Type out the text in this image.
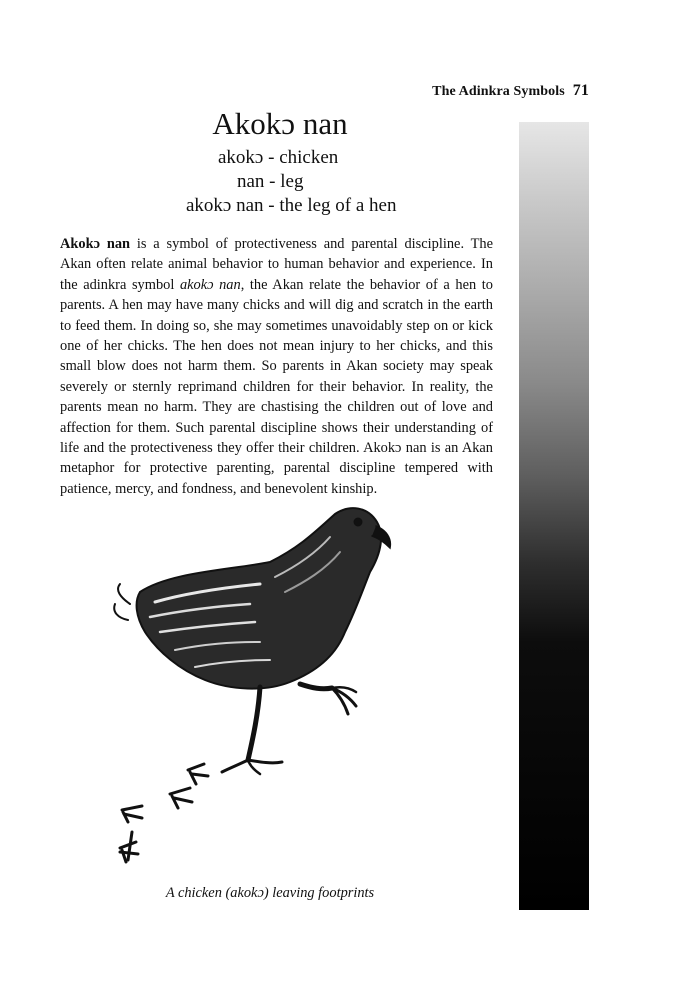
The Adinkra Symbols 71
Akokɔ nan
akokɔ - chicken
nan - leg
akokɔ nan - the leg of a hen

Akokɔ nan is a symbol of protectiveness and parental discipline. The Akan often relate animal behavior to human behavior and experience. In the adinkra symbol akokɔ nan, the Akan relate the behavior of a hen to parents. A hen may have many chicks and will dig and scratch in the earth to feed them. In doing so, she may sometimes unavoidably step on or kick one of her chicks. The hen does not mean injury to her chicks, and this small blow does not harm them. So parents in Akan society may speak severely or sternly reprimand children for their behavior. In reality, the parents mean no harm. They are chastising the children out of love and affection for them. Such parental discipline shows their understanding of life and the protectiveness they offer their children. Akokɔ nan is an Akan metaphor for protective parenting, parental discipline tempered with patience, mercy, and fondness, and benevolent kinship.

A chicken (akokɔ) leaving footprints
